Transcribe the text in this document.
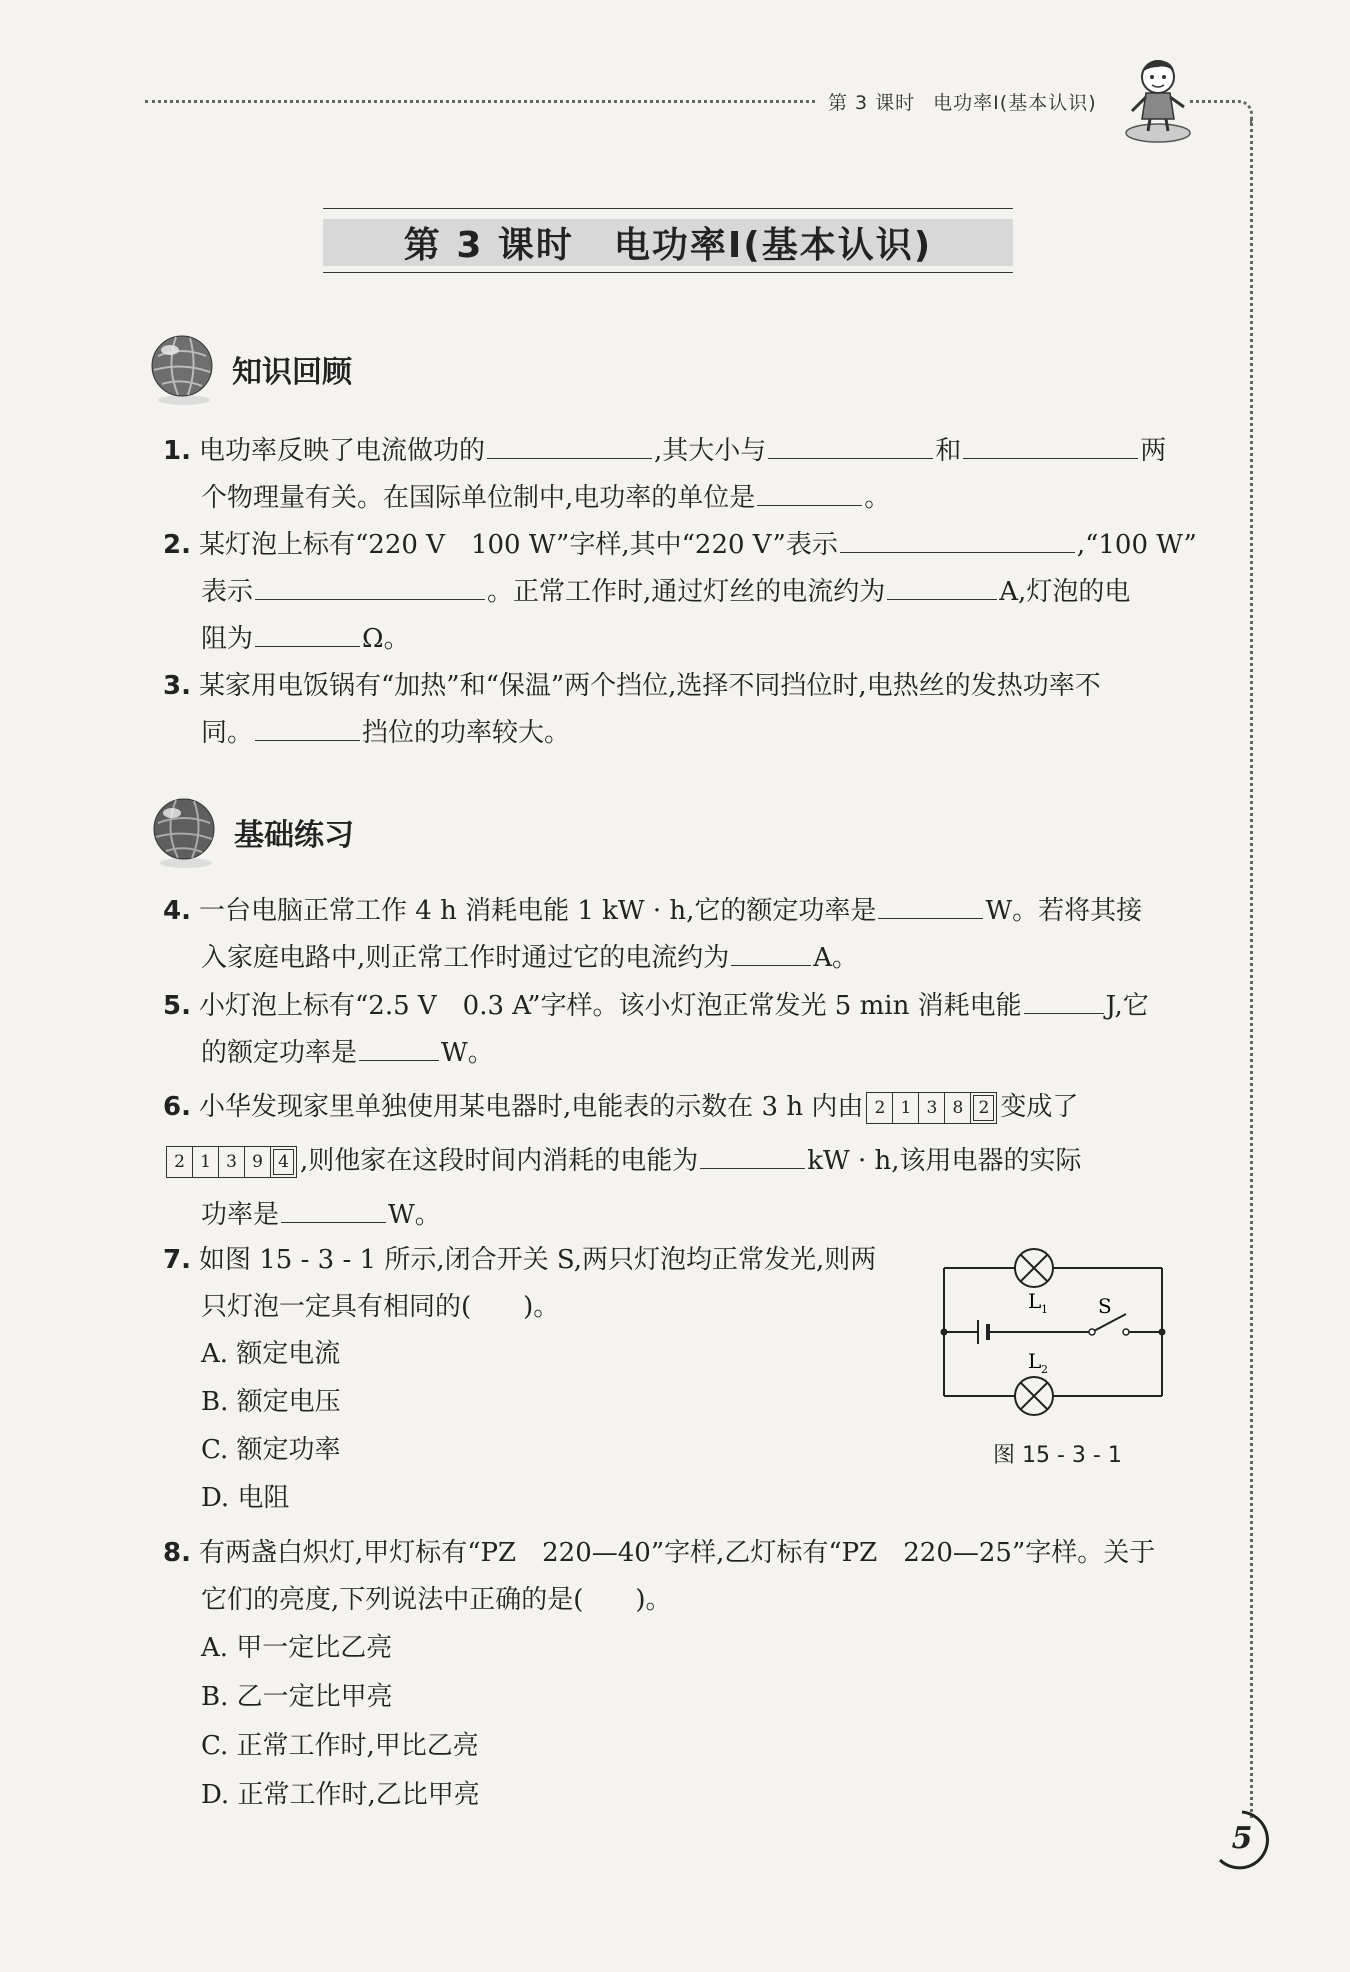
第 3 课时 电功率Ⅰ(基本认识)
第 3 课时 电功率Ⅰ(基本认识)
知识回顾
1. 电功率反映了电流做功的	,其大小与	和	两
个物理量有关。在国际单位制中,电功率的单位是	。
2. 某灯泡上标有“220 V　100 W”字样,其中“220 V”表示	,“100 W”
表示	。正常工作时,通过灯丝的电流约为	A,灯泡的电
阻为	Ω。
3. 某家用电饭锅有“加热”和“保温”两个挡位,选择不同挡位时,电热丝的发热功率不
同。	挡位的功率较大。
基础练习
4. 一台电脑正常工作 4 h 消耗电能 1 kW · h,它的额定功率是	W。若将其接
入家庭电路中,则正常工作时通过它的电流约为	A。
5. 小灯泡上标有“2.5 V　0.3 A”字样。该小灯泡正常发光 5 min 消耗电能	J,它
的额定功率是	W。
6. 小华发现家里单独使用某电器时,电能表的示数在 3 h 内由 2 1 3 8 2 变成了
2 1 3 9 4 ,则他家在这段时间内消耗的电能为	kW · h,该用电器的实际
功率是	W。
7. 如图 15 - 3 - 1 所示,闭合开关 S,两只灯泡均正常发光,则两
只灯泡一定具有相同的(　　)。
A. 额定电流
B. 额定电压
C. 额定功率
D. 电阻
L 1	S
L 2
图 15 - 3 - 1
8. 有两盏白炽灯,甲灯标有“PZ　220—40”字样,乙灯标有“PZ　220—25”字样。关于
它们的亮度,下列说法中正确的是(　　)。
A. 甲一定比乙亮
B. 乙一定比甲亮
C. 正常工作时,甲比乙亮
D. 正常工作时,乙比甲亮
5
